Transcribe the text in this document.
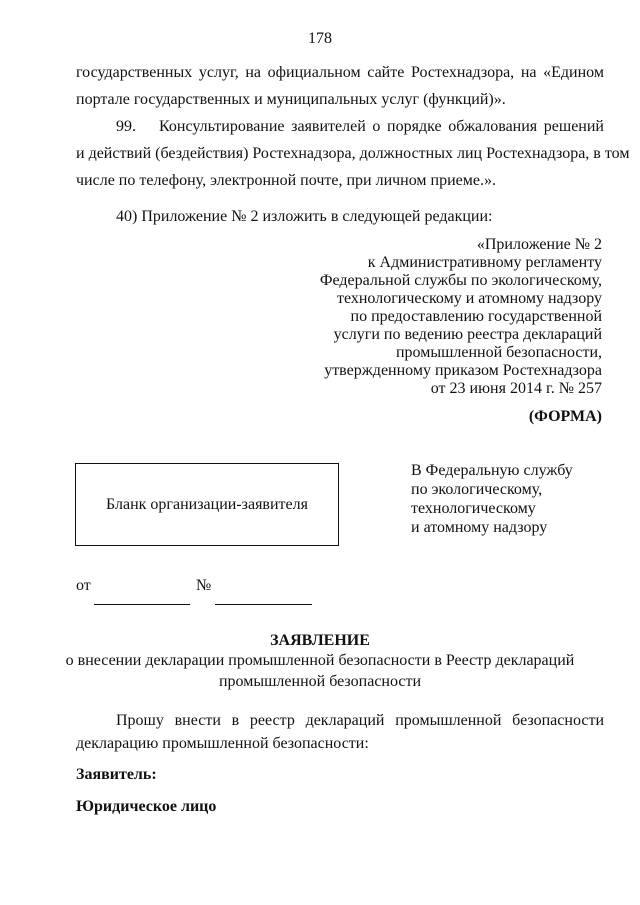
178
государственных услуг, на официальном сайте Ростехнадзора, на «Едином
портале государственных и муниципальных услуг (функций)».
99. Консультирование заявителей о порядке обжалования решений
и действий (бездействия) Ростехнадзора, должностных лиц Ростехнадзора, в том
числе по телефону, электронной почте, при личном приеме.».
40) Приложение № 2 изложить в следующей редакции:
«Приложение № 2
к Административному регламенту
Федеральной службы по экологическому,
технологическому и атомному надзору
по предоставлению государственной
услуги по ведению реестра деклараций
промышленной безопасности,
утвержденному приказом Ростехнадзора
от 23 июня 2014 г. № 257
(ФОРМА)
Бланк организации-заявителя
В Федеральную службу
по экологическому,
технологическому
и атомному надзору
от	№
ЗАЯВЛЕНИЕ
о внесении декларации промышленной безопасности в Реестр деклараций
промышленной безопасности
Прошу внести в реестр деклараций промышленной безопасности
декларацию промышленной безопасности:
Заявитель:
Юридическое лицо
